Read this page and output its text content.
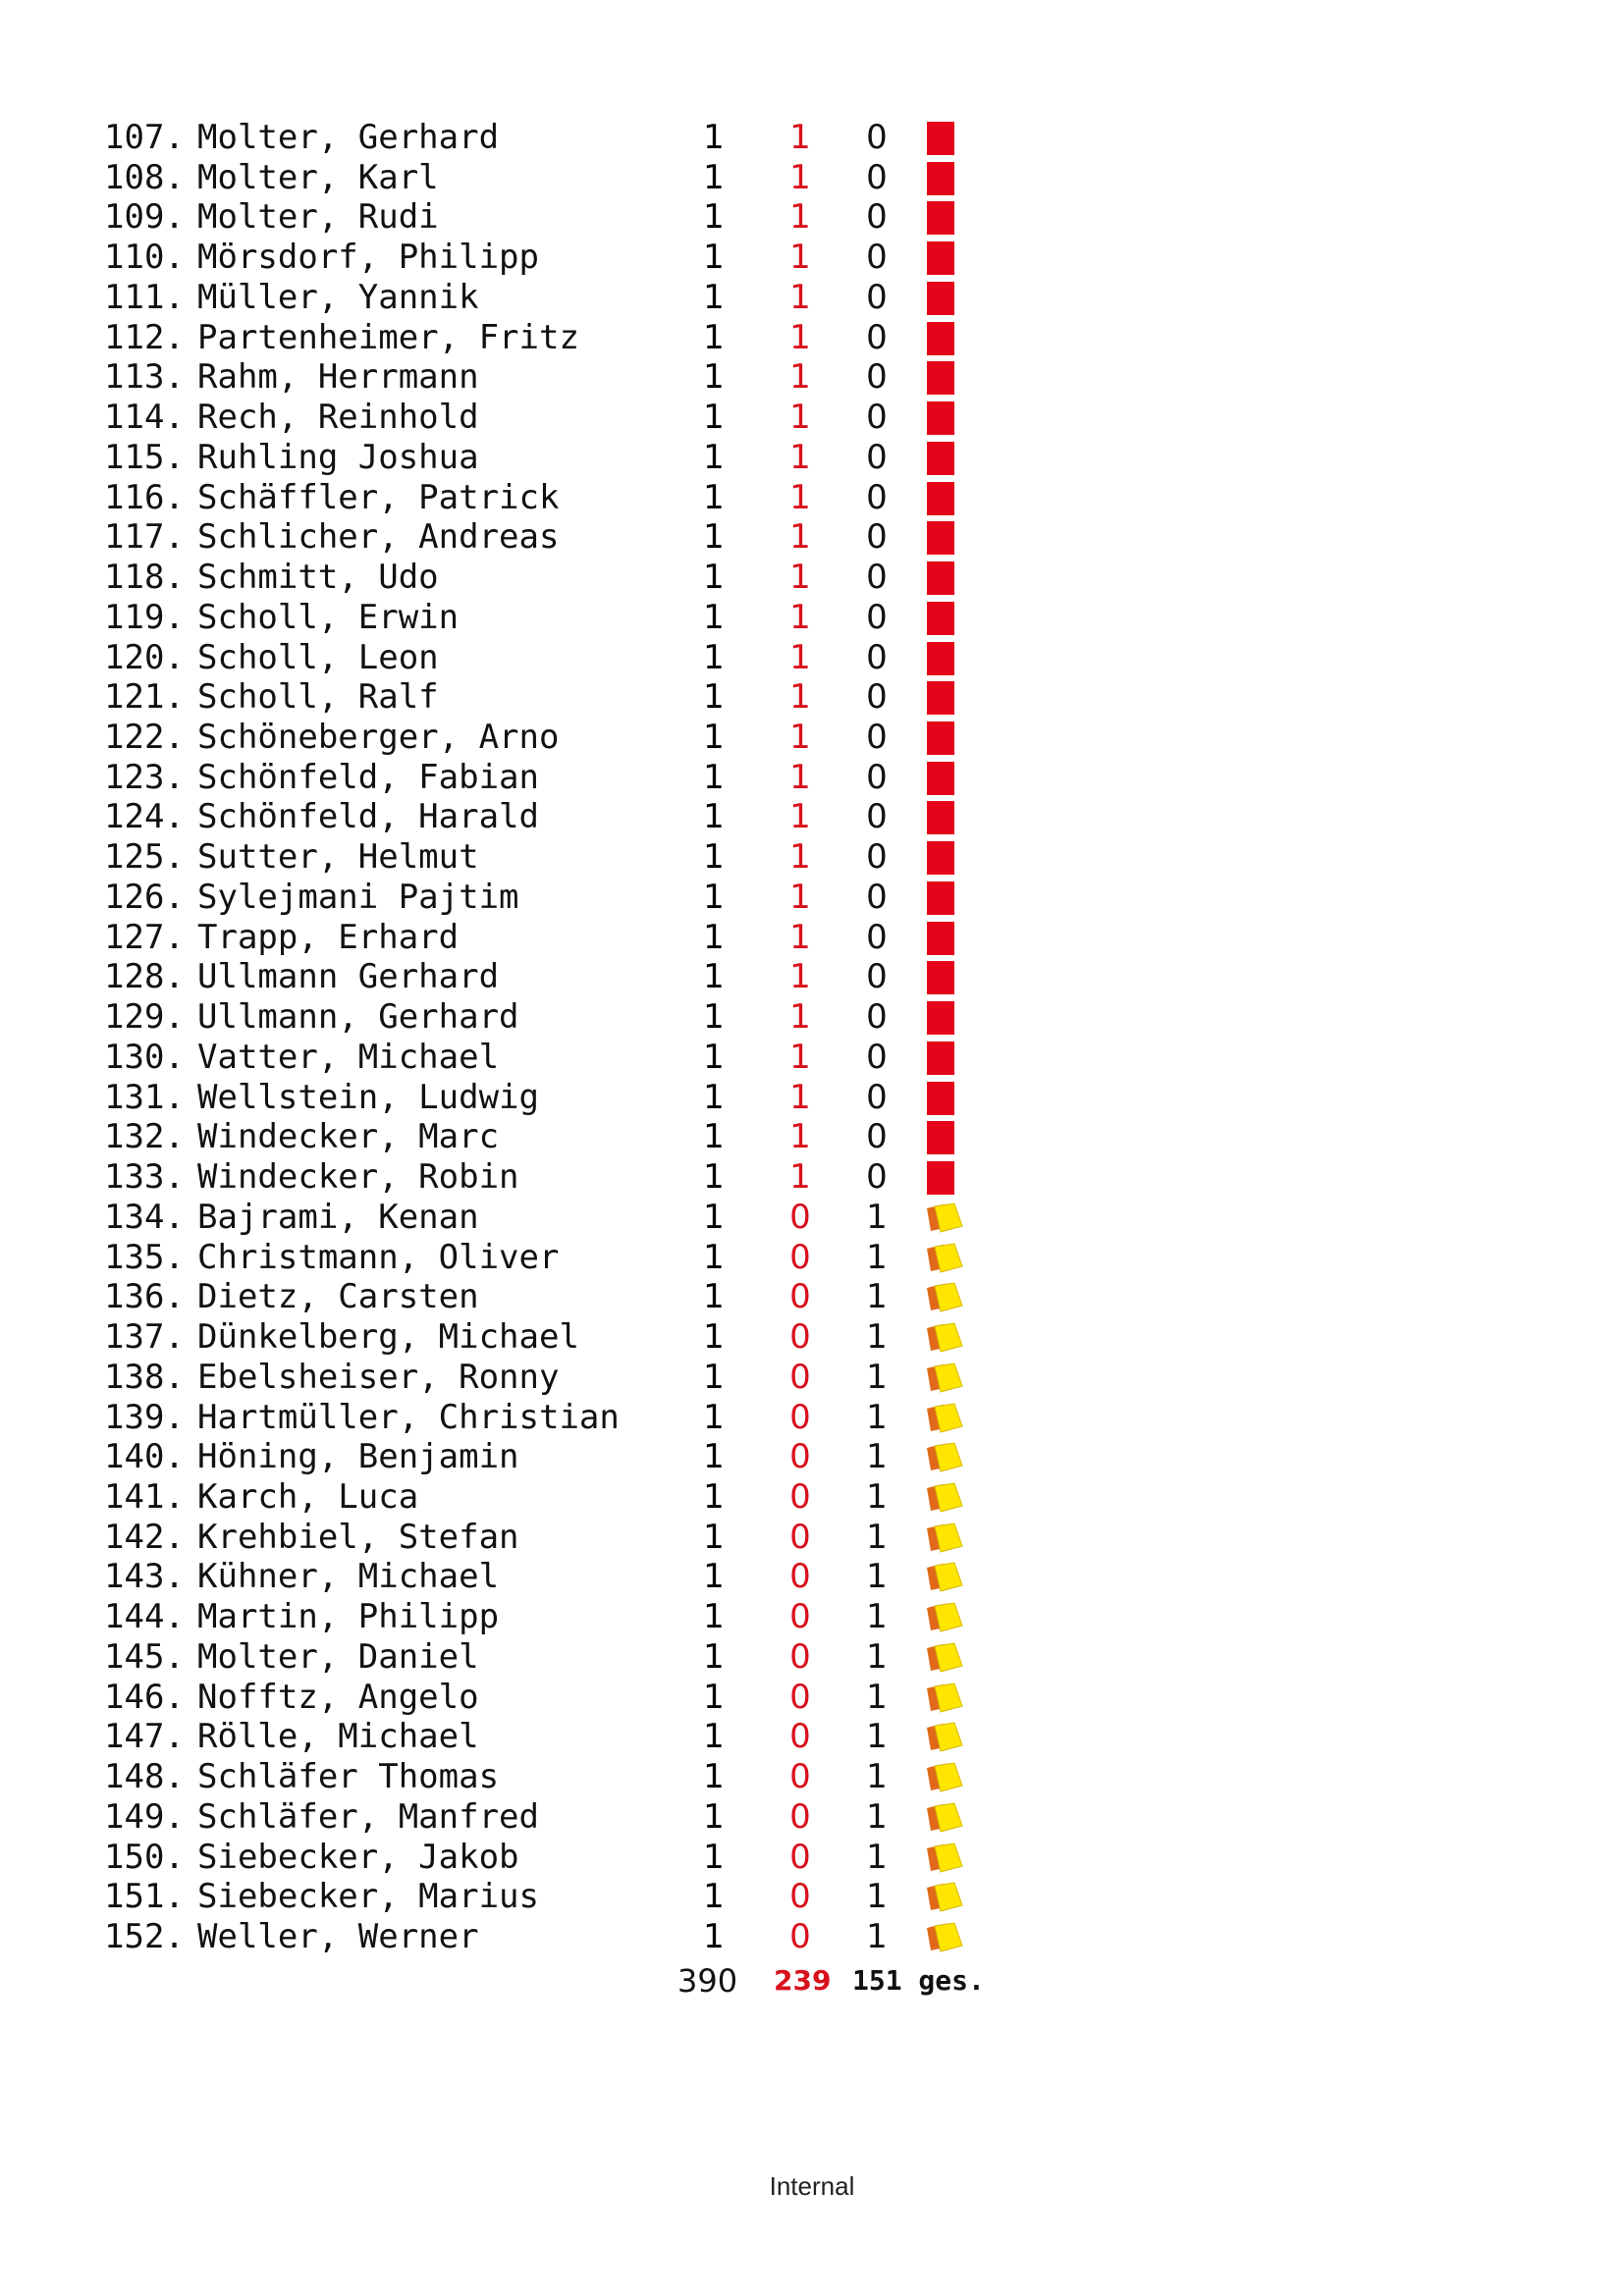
107. Molter, Gerhard	1 1 0
108. Molter, Karl	1 1 0
109. Molter, Rudi	1 1 0
110. Mörsdorf, Philipp	1 1 0
111. Müller, Yannik	1 1 0
112. Partenheimer, Fritz	1 1 0
113. Rahm, Herrmann	1 1 0
114. Rech, Reinhold	1 1 0
115. Ruhling Joshua	1 1 0
116. Schäffler, Patrick	1 1 0
117. Schlicher, Andreas	1 1 0
118. Schmitt, Udo	1 1 0
119. Scholl, Erwin	1 1 0
120. Scholl, Leon	1 1 0
121. Scholl, Ralf	1 1 0
122. Schöneberger, Arno	1 1 0
123. Schönfeld, Fabian	1 1 0
124. Schönfeld, Harald	1 1 0
125. Sutter, Helmut	1 1 0
126. Sylejmani Pajtim	1 1 0
127. Trapp, Erhard	1 1 0
128. Ullmann Gerhard	1 1 0
129. Ullmann, Gerhard	1 1 0
130. Vatter, Michael	1 1 0
131. Wellstein, Ludwig	1 1 0
132. Windecker, Marc	1 1 0
133. Windecker, Robin	1 1 0
134. Bajrami, Kenan	1 0 1
135. Christmann, Oliver	1 0 1
136. Dietz, Carsten	1 0 1
137. Dünkelberg, Michael	1 0 1
138. Ebelsheiser, Ronny	1 0 1
139. Hartmüller, Christian	1 0 1
140. Höning, Benjamin	1 0 1
141. Karch, Luca	1 0 1
142. Krehbiel, Stefan	1 0 1
143. Kühner, Michael	1 0 1
144. Martin, Philipp	1 0 1
145. Molter, Daniel	1 0 1
146. Nofftz, Angelo	1 0 1
147. Rölle, Michael	1 0 1
148. Schläfer Thomas	1 0 1
149. Schläfer, Manfred	1 0 1
150. Siebecker, Jakob	1 0 1
151. Siebecker, Marius	1 0 1
152. Weller, Werner	1 0 1
390 239 151 ges.
Internal
